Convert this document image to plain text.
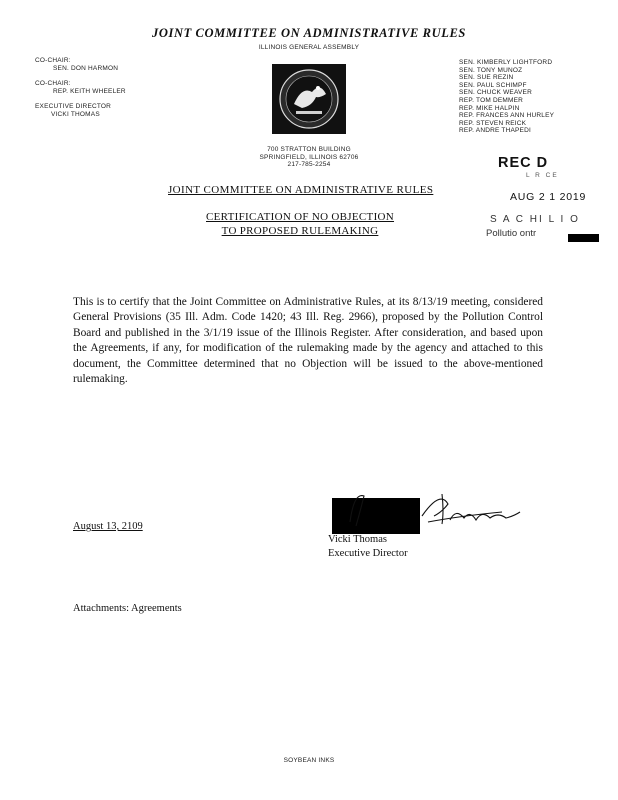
JOINT COMMITTEE ON ADMINISTRATIVE RULES
ILLINOIS GENERAL ASSEMBLY
CO-CHAIR:
SEN. DON HARMON
CO-CHAIR:
REP. KEITH WHEELER
EXECUTIVE DIRECTOR
VICKI THOMAS
700 STRATTON BUILDING
SPRINGFIELD, ILLINOIS 62706
217-785-2254
SEN. KIMBERLY LIGHTFORD
SEN. TONY MUNOZ
SEN. SUE REZIN
SEN. PAUL SCHIMPF
SEN. CHUCK WEAVER
REP. TOM DEMMER
REP. MIKE HALPIN
REP. FRANCES ANN HURLEY
REP. STEVEN REICK
REP. ANDRE THAPEDI
REC D
L R CE
AUG 2 1 2019
S A C HI L I O
Pollutio ontr
JOINT COMMITTEE ON ADMINISTRATIVE RULES
CERTIFICATION OF NO OBJECTION
TO PROPOSED RULEMAKING
This is to certify that the Joint Committee on Administrative Rules, at its 8/13/19 meeting, considered General Provisions (35 Ill. Adm. Code 1420; 43 Ill. Reg. 2966), proposed by the Pollution Control Board and published in the 3/1/19 issue of the Illinois Register. After consideration, and based upon the Agreements, if any, for modification of the rulemaking made by the agency and attached to this document, the Committee determined that no Objection will be issued to the above-mentioned rulemaking.
August 13, 2109
Vicki Thomas
Executive Director
Attachments: Agreements
SOYBEAN INKS
